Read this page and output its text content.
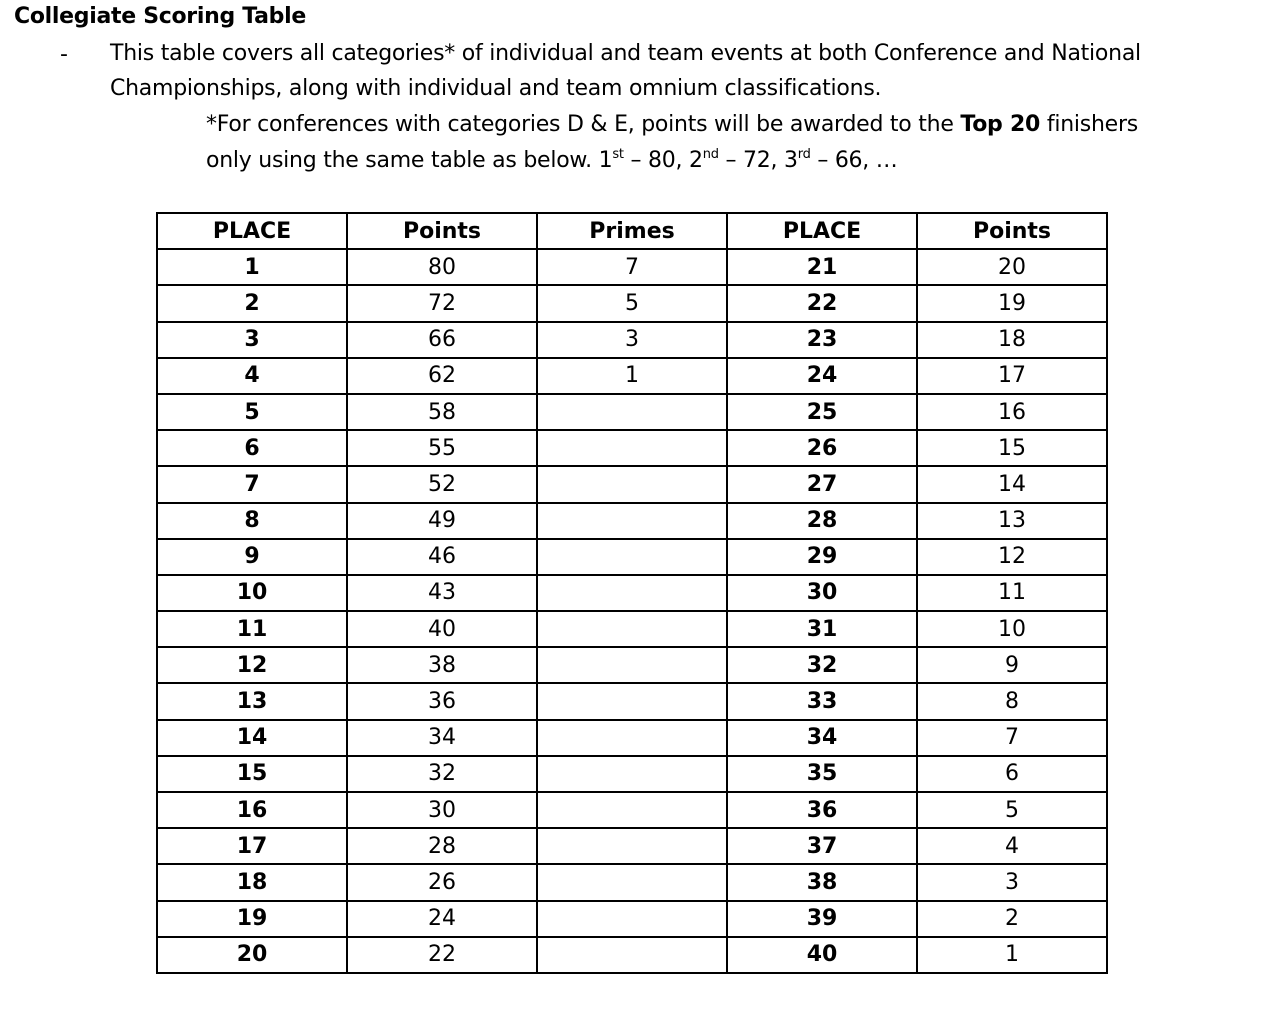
Collegiate Scoring Table
- This table covers all categories* of individual and team events at both Conference and National
Championships, along with individual and team omnium classifications.
*For conferences with categories D & E, points will be awarded to the Top 20 finishers
only using the same table as below. 1st – 80, 2nd – 72, 3rd – 66, …
PLACE	Points	Primes	PLACE	Points
1	80	7	21	20
2	72	5	22	19
3	66	3	23	18
4	62	1	24	17
5	58		25	16
6	55		26	15
7	52		27	14
8	49		28	13
9	46		29	12
10	43		30	11
11	40		31	10
12	38		32	9
13	36		33	8
14	34		34	7
15	32		35	6
16	30		36	5
17	28		37	4
18	26		38	3
19	24		39	2
20	22		40	1
